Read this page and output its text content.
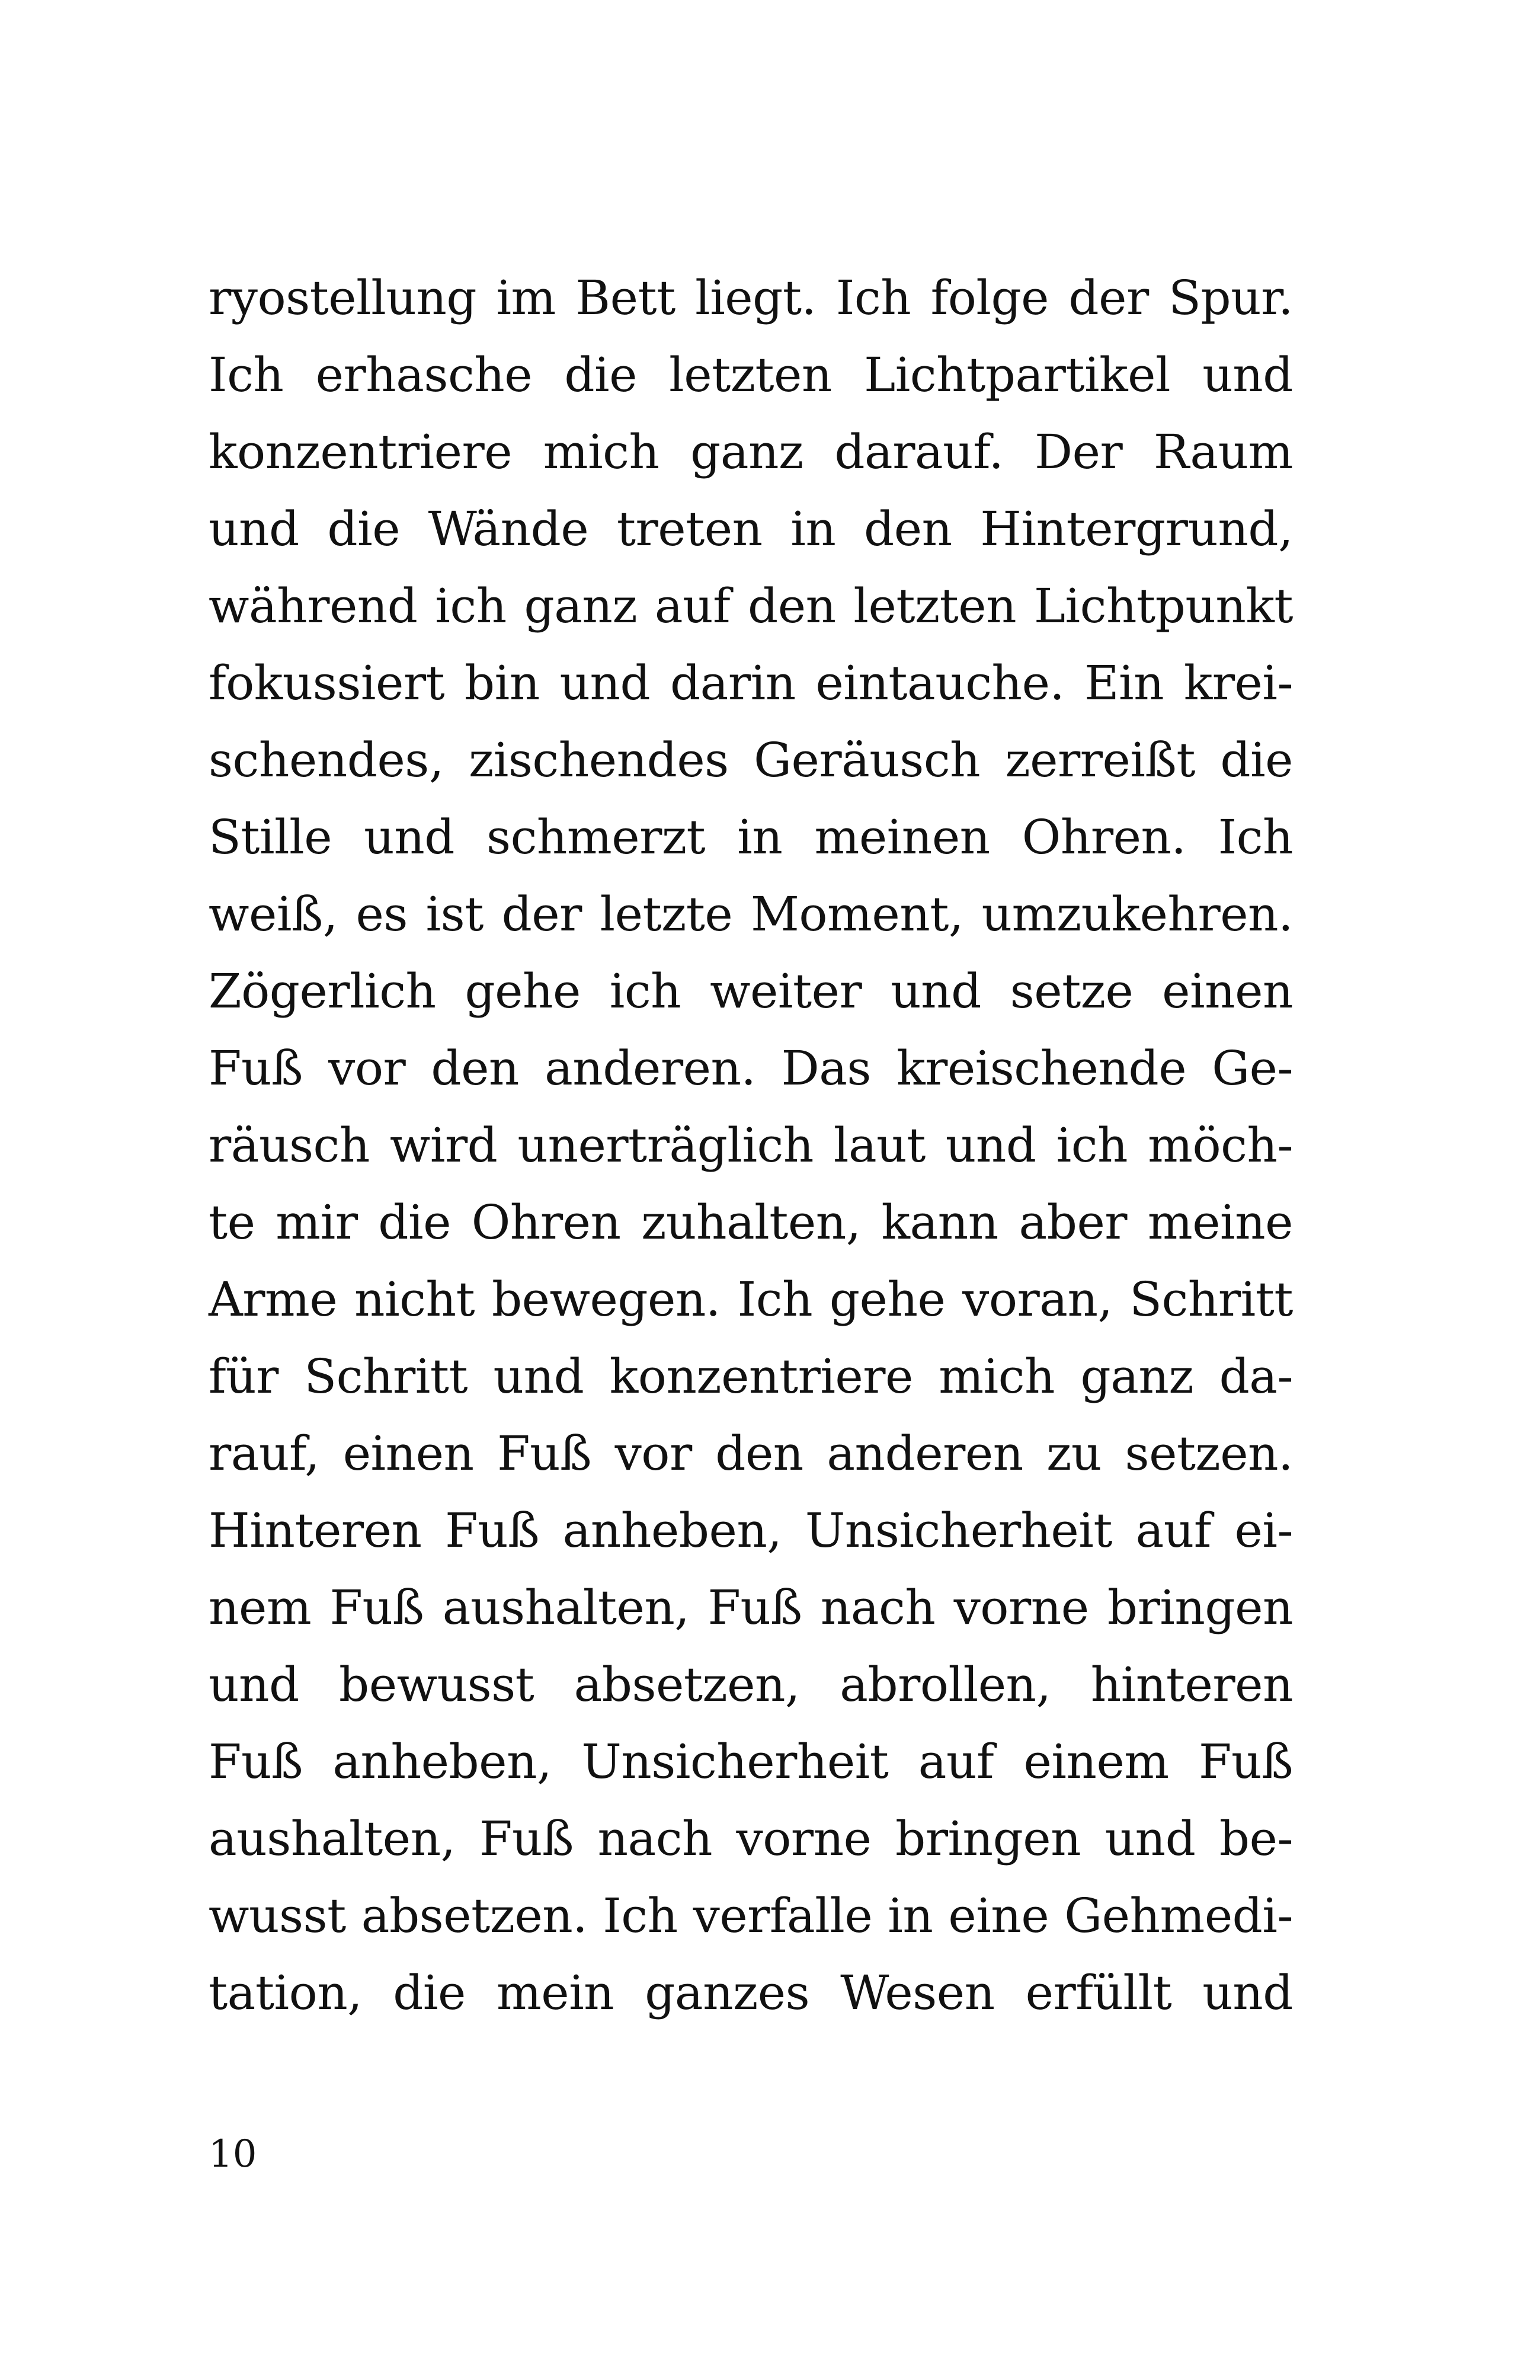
ryostellung im Bett liegt. Ich folge der Spur.
Ich erhasche die letzten Lichtpartikel und
konzentriere mich ganz darauf. Der Raum
und die Wände treten in den Hintergrund,
während ich ganz auf den letzten Lichtpunkt
fokussiert bin und darin eintauche. Ein krei-
schendes, zischendes Geräusch zerreißt die
Stille und schmerzt in meinen Ohren. Ich
weiß, es ist der letzte Moment, umzukehren.
Zögerlich gehe ich weiter und setze einen
Fuß vor den anderen. Das kreischende Ge-
räusch wird unerträglich laut und ich möch-
te mir die Ohren zuhalten, kann aber meine
Arme nicht bewegen. Ich gehe voran, Schritt
für Schritt und konzentriere mich ganz da-
rauf, einen Fuß vor den anderen zu setzen.
Hinteren Fuß anheben, Unsicherheit auf ei-
nem Fuß aushalten, Fuß nach vorne bringen
und bewusst absetzen, abrollen, hinteren
Fuß anheben, Unsicherheit auf einem Fuß
aushalten, Fuß nach vorne bringen und be-
wusst absetzen. Ich verfalle in eine Gehmedi-
tation, die mein ganzes Wesen erfüllt und
10
